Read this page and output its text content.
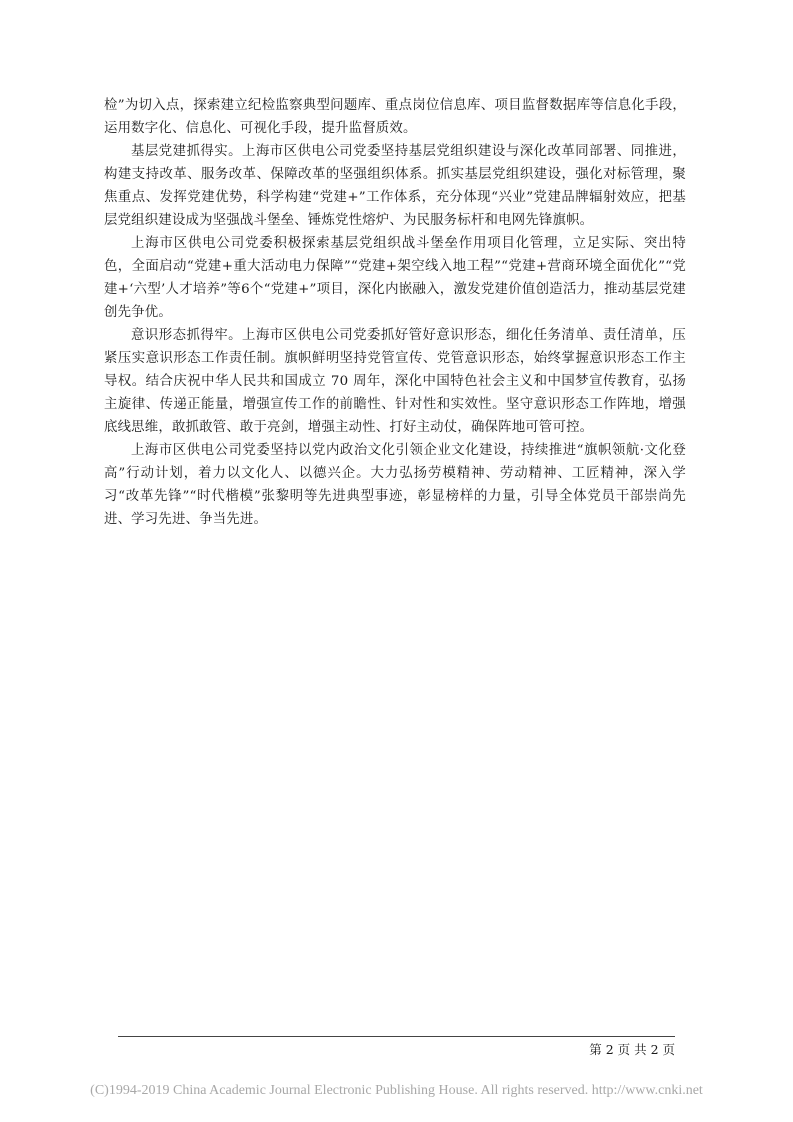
检”为切入点，探索建立纪检监察典型问题库、重点岗位信息库、项目监督数据库等信息化手段，运用数字化、信息化、可视化手段，提升监督质效。

基层党建抓得实。上海市区供电公司党委坚持基层党组织建设与深化改革同部署、同推进，构建支持改革、服务改革、保障改革的坚强组织体系。抓实基层党组织建设，强化对标管理，聚焦重点、发挥党建优势，科学构建“党建+”工作体系，充分体现“兴业”党建品牌辐射效应，把基层党组织建设成为坚强战斗堡垒、锤炼党性熔炉、为民服务标杆和电网先锋旗帜。

上海市区供电公司党委积极探索基层党组织战斗堡垒作用项目化管理，立足实际、突出特色，全面启动“党建+重大活动电力保障”“党建+架空线入地工程”“党建+营商环境全面优化”“党建+‘六型’人才培养”等6个“党建+”项目，深化内嵌融入，激发党建价值创造活力，推动基层党建创先争优。

意识形态抓得牢。上海市区供电公司党委抓好管好意识形态，细化任务清单、责任清单，压紧压实意识形态工作责任制。旗帜鲜明坚持党管宣传、党管意识形态，始终掌握意识形态工作主导权。结合庆祝中华人民共和国成立 70 周年，深化中国特色社会主义和中国梦宣传教育，弘扬主旋律、传递正能量，增强宣传工作的前瞻性、针对性和实效性。坚守意识形态工作阵地，增强底线思维，敢抓敢管、敢于亮剑，增强主动性、打好主动仗，确保阵地可管可控。

上海市区供电公司党委坚持以党内政治文化引领企业文化建设，持续推进“旗帜领航·文化登高”行动计划，着力以文化人、以德兴企。大力弘扬劳模精神、劳动精神、工匠精神，深入学习“改革先锋”“时代楷模”张黎明等先进典型事迹，彰显榜样的力量，引导全体党员干部崇尚先进、学习先进、争当先进。

第 2 页 共 2 页
(C)1994-2019 China Academic Journal Electronic Publishing House. All rights reserved. http://www.cnki.net
